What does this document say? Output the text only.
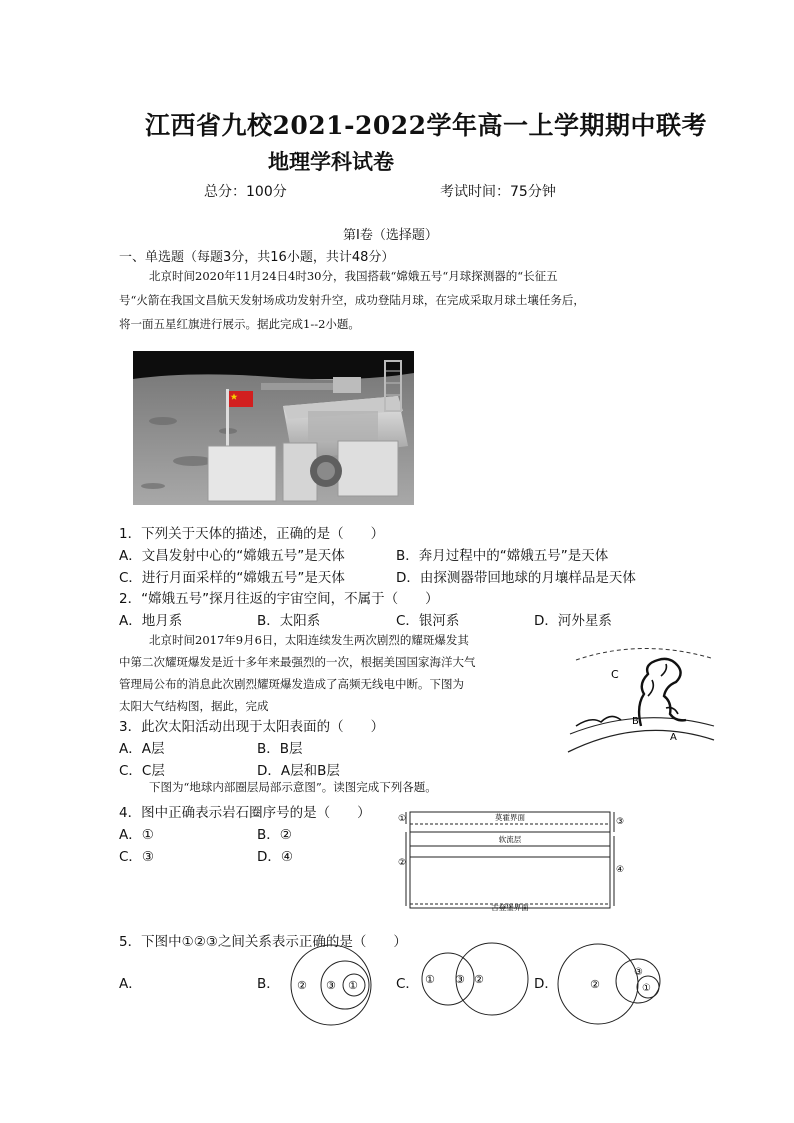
江西省九校2021-2022学年高一上学期期中联考
地理学科试卷
总分：100分	考试时间：75分钟
第Ⅰ卷（选择题）
一、单选题（每题3分，共16小题，共计48分）
北京时间2020年11月24日4时30分，我国搭载“嫦娥五号“月球探测器的“长征五
号“火箭在我国文昌航天发射场成功发射升空，成功登陆月球，在完成采取月球土壤任务后，
将一面五星红旗进行展示。据此完成1--2小题。
1．下列关于天体的描述，正确的是（　　）
A．文昌发射中心的“嫦娥五号”是天体	B．奔月过程中的“嫦娥五号”是天体
C．进行月面采样的“嫦娥五号”是天体	D．由探测器带回地球的月壤样品是天体
2．“嫦娥五号”探月往返的宇宙空间，不属于（　　）
A．地月系	B．太阳系	C．银河系	D．河外星系
北京时间2017年9月6日，太阳连续发生两次剧烈的耀斑爆发其
中第二次耀斑爆发是近十多年来最强烈的一次，根据美国国家海洋大气
管理局公布的消息此次剧烈耀斑爆发造成了高频无线电中断。下图为
太阳大气结构图，据此，完成
C
B
A
3．此次太阳活动出现于太阳表面的（　　）
A．A层	B．B层
C．C层	D．A层和B层
下图为“地球内部圈层局部示意图”。读图完成下列各题。
4．图中正确表示岩石圈序号的是（　　）
A．①	B．②
C．③	D．④
莫霍界面
软流层
古登堡界面
①
②
③
④
5．下图中①②③之间关系表示正确的是（　　）
A．	B．	C．	D．
② ③ ①	① ③ ②	②
③
①
